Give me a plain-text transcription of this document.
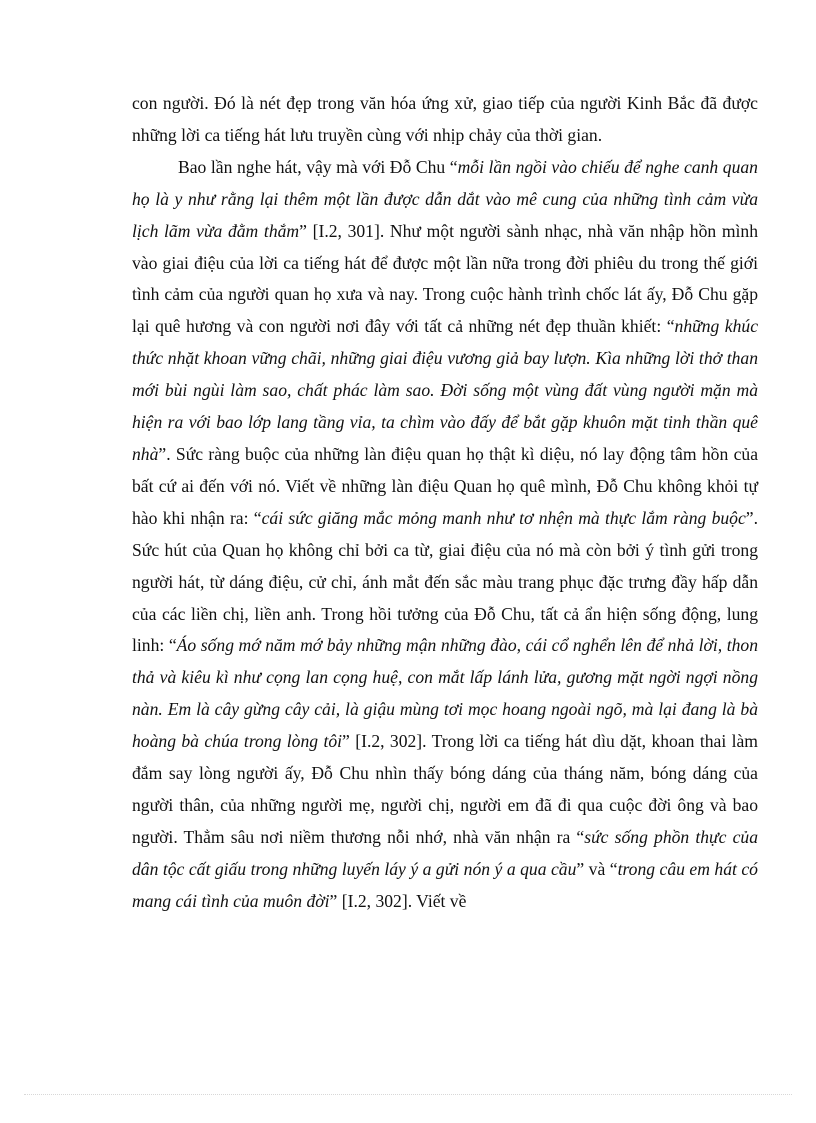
con người. Đó là nét đẹp trong văn hóa ứng xử, giao tiếp của người Kinh Bắc đã được những lời ca tiếng hát lưu truyền cùng với nhịp chảy của thời gian.

Bao lần nghe hát, vậy mà với Đỗ Chu “mỗi lần ngồi vào chiếu để nghe canh quan họ là y như rằng lại thêm một lần được dẫn dắt vào mê cung của những tình cảm vừa lịch lãm vừa đằm thắm” [I.2, 301]. Như một người sành nhạc, nhà văn nhập hồn mình vào giai điệu của lời ca tiếng hát để được một lần nữa trong đời phiêu du trong thế giới tình cảm của người quan họ xưa và nay. Trong cuộc hành trình chốc lát ấy, Đỗ Chu gặp lại quê hương và con người nơi đây với tất cả những nét đẹp thuần khiết: “những khúc thức nhặt khoan vững chãi, những giai điệu vương giả bay lượn. Kìa những lời thở than mới bùi ngùi làm sao, chất phác làm sao. Đời sống một vùng đất vùng người mặn mà hiện ra với bao lớp lang tầng vỉa, ta chìm vào đấy để bắt gặp khuôn mặt tinh thần quê nhà”. Sức ràng buộc của những làn điệu quan họ thật kì diệu, nó lay động tâm hồn của bất cứ ai đến với nó. Viết về những làn điệu Quan họ quê mình, Đỗ Chu không khỏi tự hào khi nhận ra: “cái sức giăng mắc mỏng manh như tơ nhện mà thực lắm ràng buộc”. Sức hút của Quan họ không chỉ bởi ca từ, giai điệu của nó mà còn bởi ý tình gửi trong người hát, từ dáng điệu, cử chỉ, ánh mắt đến sắc màu trang phục đặc trưng đầy hấp dẫn của các liền chị, liền anh. Trong hồi tưởng của Đỗ Chu, tất cả ẩn hiện sống động, lung linh: “Áo sống mớ năm mớ bảy những mận những đào, cái cổ nghển lên để nhả lời, thon thả và kiêu kì như cọng lan cọng huệ, con mắt lấp lánh lửa, gương mặt ngời ngợi nồng nàn. Em là cây gừng cây cải, là giậu mùng tơi mọc hoang ngoài ngõ, mà lại đang là bà hoàng bà chúa trong lòng tôi” [I.2, 302]. Trong lời ca tiếng hát dìu dặt, khoan thai làm đắm say lòng người ấy, Đỗ Chu nhìn thấy bóng dáng của tháng năm, bóng dáng của người thân, của những người mẹ, người chị, người em đã đi qua cuộc đời ông và bao người. Thẳm sâu nơi niềm thương nỗi nhớ, nhà văn nhận ra “sức sống phồn thực của dân tộc cất giấu trong những luyến láy ý a gửi nón ý a qua cầu” và “trong câu em hát có mang cái tình của muôn đời” [I.2, 302]. Viết về
